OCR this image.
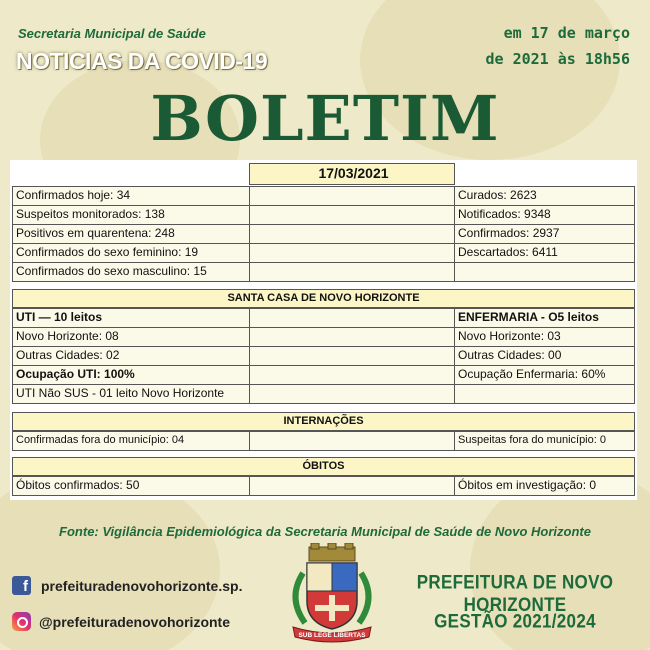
Secretaria Municipal de Saúde
NOTICIAS DA COVID-19
em 17 de março
de 2021 às 18h56
BOLETIM
17/03/2021
Confirmados hoje: 34	Curados: 2623
Suspeitos monitorados: 138	Notificados: 9348
Positivos em quarentena: 248	Confirmados: 2937
Confirmados do sexo feminino: 19	Descartados: 6411
Confirmados do sexo masculino: 15
SANTA CASA DE NOVO HORIZONTE
UTI — 10 leitos	ENFERMARIA - O5 leitos
Novo Horizonte: 08	Novo Horizonte: 03
Outras Cidades: 02	Outras Cidades: 00
Ocupação UTI: 100%	Ocupação Enfermaria: 60%
UTI Não SUS - 01 leito Novo Horizonte
INTERNAÇÕES
Confirmadas fora do município: 04	Suspeitas fora do município: 0
ÓBITOS
Óbitos confirmados: 50	Óbitos em investigação: 0
Fonte: Vigilância Epidemiológica da Secretaria Municipal de Saúde de Novo Horizonte
f prefeituradenovohorizonte.sp.
@prefeituradenovohorizonte
SUB LEGE LIBERTAS
PREFEITURA DE NOVO HORIZONTE
GESTÃO 2021/2024
